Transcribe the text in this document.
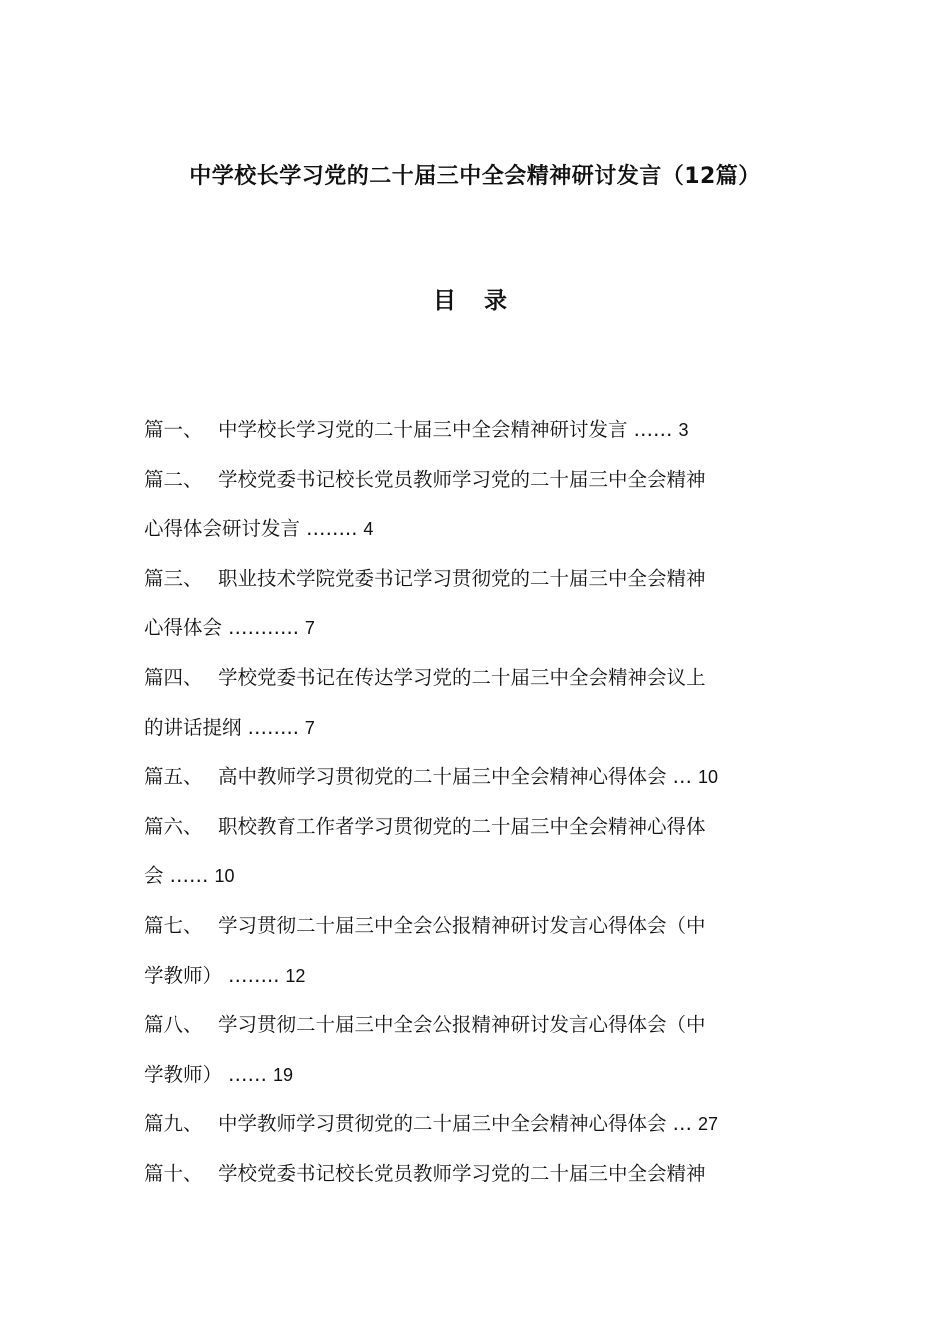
中学校长学习党的二十届三中全会精神研讨发言（12篇）
目 录
篇一、 中学校长学习党的二十届三中全会精神研讨发言 …… 3
篇二、 学校党委书记校长党员教师学习党的二十届三中全会精神
心得体会研讨发言 …….. 4
篇三、 职业技术学院党委书记学习贯彻党的二十届三中全会精神
心得体会 ……….. 7
篇四、 学校党委书记在传达学习党的二十届三中全会精神会议上
的讲话提纲 …….. 7
篇五、 高中教师学习贯彻党的二十届三中全会精神心得体会 … 10
篇六、 职校教育工作者学习贯彻党的二十届三中全会精神心得体
会 …… 10
篇七、 学习贯彻二十届三中全会公报精神研讨发言心得体会（中
学教师） …….. 12
篇八、 学习贯彻二十届三中全会公报精神研讨发言心得体会（中
学教师） …… 19
篇九、 中学教师学习贯彻党的二十届三中全会精神心得体会 … 27
篇十、 学校党委书记校长党员教师学习党的二十届三中全会精神
